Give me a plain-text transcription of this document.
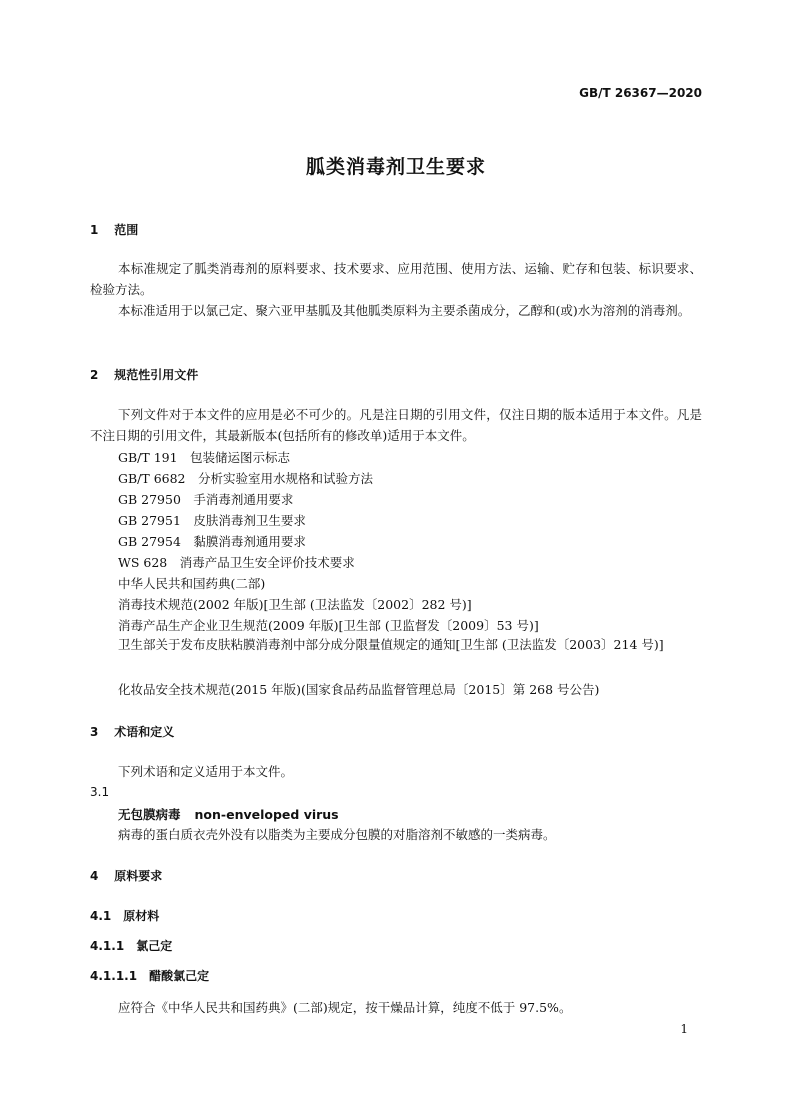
GB/T 26367—2020
胍类消毒剂卫生要求
1 范围
本标准规定了胍类消毒剂的原料要求、技术要求、应用范围、使用方法、运输、贮存和包装、标识要求、检验方法。
本标准适用于以氯己定、聚六亚甲基胍及其他胍类原料为主要杀菌成分，乙醇和(或)水为溶剂的消毒剂。
2 规范性引用文件
下列文件对于本文件的应用是必不可少的。凡是注日期的引用文件，仅注日期的版本适用于本文件。凡是不注日期的引用文件，其最新版本(包括所有的修改单)适用于本文件。
GB/T 191　包装储运图示标志
GB/T 6682　分析实验室用水规格和试验方法
GB 27950　手消毒剂通用要求
GB 27951　皮肤消毒剂卫生要求
GB 27954　黏膜消毒剂通用要求
WS 628　消毒产品卫生安全评价技术要求
中华人民共和国药典(二部)
消毒技术规范(2002 年版)[卫生部 (卫法监发〔2002〕282 号)]
消毒产品生产企业卫生规范(2009 年版)[卫生部 (卫监督发〔2009〕53 号)]
卫生部关于发布皮肤粘膜消毒剂中部分成分限量值规定的通知[卫生部 (卫法监发〔2003〕214 号)]
化妆品安全技术规范(2015 年版)(国家食品药品监督管理总局〔2015〕第 268 号公告)
3 术语和定义
下列术语和定义适用于本文件。
3.1
无包膜病毒 non-enveloped virus
病毒的蛋白质衣壳外没有以脂类为主要成分包膜的对脂溶剂不敏感的一类病毒。
4 原料要求
4.1　 原材料
4.1.1　 氯己定
4.1.1.1　 醋酸氯己定
应符合《中华人民共和国药典》(二部)规定，按干燥品计算，纯度不低于 97.5%。
1
